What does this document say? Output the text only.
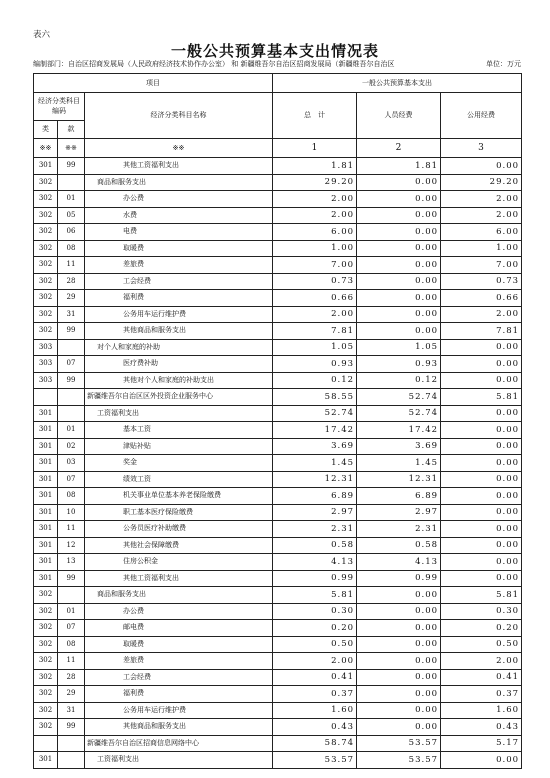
表六
一般公共预算基本支出情况表
编制部门：自治区招商发展局（人民政府经济技术协作办公室） 和 新疆维吾尔自治区招商发展局（新疆维吾尔自治区	单位：万元
项目			一般公共预算基本支出		
经济分类科目编码		经济分类科目名称	总　计	人员经费	公用经费
类	款				
※※	※※	※※	1	2	3
301	99	其他工资福利支出	1.81	1.81	0.00
302		商品和服务支出	29.20	0.00	29.20
302	01	办公费	2.00	0.00	2.00
302	05	水费	2.00	0.00	2.00
302	06	电费	6.00	0.00	6.00
302	08	取暖费	1.00	0.00	1.00
302	11	差旅费	7.00	0.00	7.00
302	28	工会经费	0.73	0.00	0.73
302	29	福利费	0.66	0.00	0.66
302	31	公务用车运行维护费	2.00	0.00	2.00
302	99	其他商品和服务支出	7.81	0.00	7.81
303		对个人和家庭的补助	1.05	1.05	0.00
303	07	医疗费补助	0.93	0.93	0.00
303	99	其他对个人和家庭的补助支出	0.12	0.12	0.00
		新疆维吾尔自治区区外投资企业服务中心	58.55	52.74	5.81
301		工资福利支出	52.74	52.74	0.00
301	01	基本工资	17.42	17.42	0.00
301	02	津贴补贴	3.69	3.69	0.00
301	03	奖金	1.45	1.45	0.00
301	07	绩效工资	12.31	12.31	0.00
301	08	机关事业单位基本养老保险缴费	6.89	6.89	0.00
301	10	职工基本医疗保险缴费	2.97	2.97	0.00
301	11	公务员医疗补助缴费	2.31	2.31	0.00
301	12	其他社会保障缴费	0.58	0.58	0.00
301	13	住房公积金	4.13	4.13	0.00
301	99	其他工资福利支出	0.99	0.99	0.00
302		商品和服务支出	5.81	0.00	5.81
302	01	办公费	0.30	0.00	0.30
302	07	邮电费	0.20	0.00	0.20
302	08	取暖费	0.50	0.00	0.50
302	11	差旅费	2.00	0.00	2.00
302	28	工会经费	0.41	0.00	0.41
302	29	福利费	0.37	0.00	0.37
302	31	公务用车运行维护费	1.60	0.00	1.60
302	99	其他商品和服务支出	0.43	0.00	0.43
		新疆维吾尔自治区招商信息网络中心	58.74	53.57	5.17
301		工资福利支出	53.57	53.57	0.00
